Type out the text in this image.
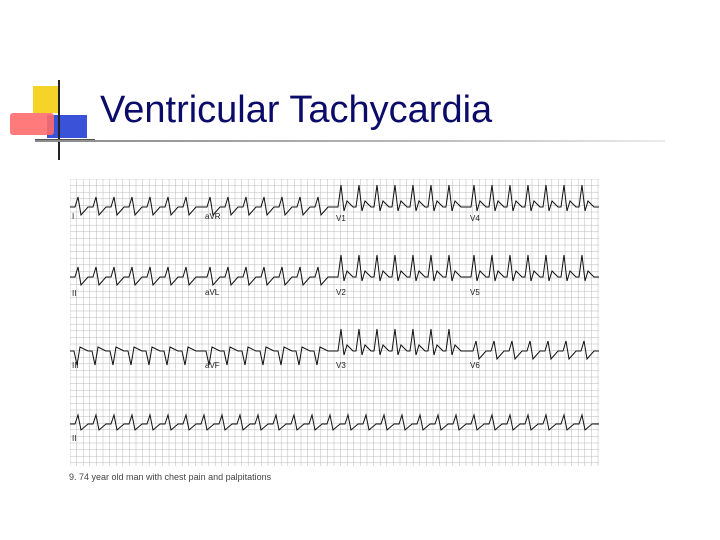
Ventricular Tachycardia
I	aVR	V1	V4
II	aVL	V2	V5
III	aVF	V3	V6
II
9. 74 year old man with chest pain and palpitations
